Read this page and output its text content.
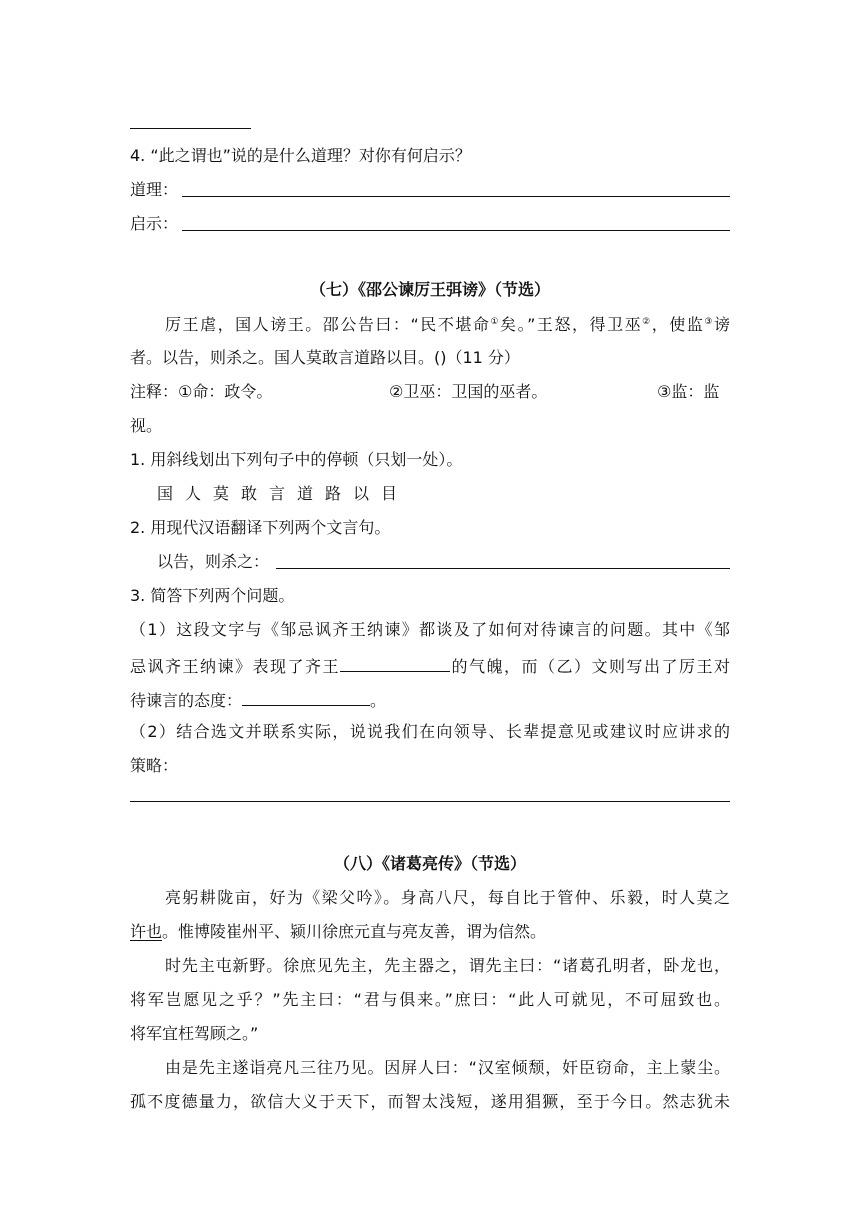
4. “此之谓也”说的是什么道理？对你有何启示？
道理：
启示：
（七）《邵公谏厉王弭谤》（节选）
厉王虐，国人谤王。邵公告曰：“民不堪命①矣。”王怒，得卫巫②，使监③谤
者。以告，则杀之。国人莫敢言道路以目。()（11 分）
注释：①命：政令。	②卫巫：卫国的巫者。	③监：监
视。
1. 用斜线划出下列句子中的停顿（只划一处）。
国人莫敢言道路以目
2. 用现代汉语翻译下列两个文言句。
以告，则杀之：
3. 简答下列两个问题。
（1）这段文字与《邹忌讽齐王纳谏》都谈及了如何对待谏言的问题。其中《邹
忌讽齐王纳谏》表现了齐王	的气魄，而（乙）文则写出了厉王对
待谏言的态度：	。
（2）结合选文并联系实际，说说我们在向领导、长辈提意见或建议时应讲求的
策略：
（八）《诸葛亮传》（节选）
亮躬耕陇亩，好为《梁父吟》。身高八尺，每自比于管仲、乐毅，时人莫之
许也。惟博陵崔州平、颍川徐庶元直与亮友善，谓为信然。
时先主屯新野。徐庶见先主，先主器之，谓先主曰：“诸葛孔明者，卧龙也，
将军岂愿见之乎？”先主曰：“君与俱来。”庶曰：“此人可就见，不可屈致也。
将军宜枉驾顾之。”
由是先主遂诣亮凡三往乃见。因屏人曰：“汉室倾颓，奸臣窃命，主上蒙尘。
孤不度德量力，欲信大义于天下，而智太浅短，遂用猖獗，至于今日。然志犹未
